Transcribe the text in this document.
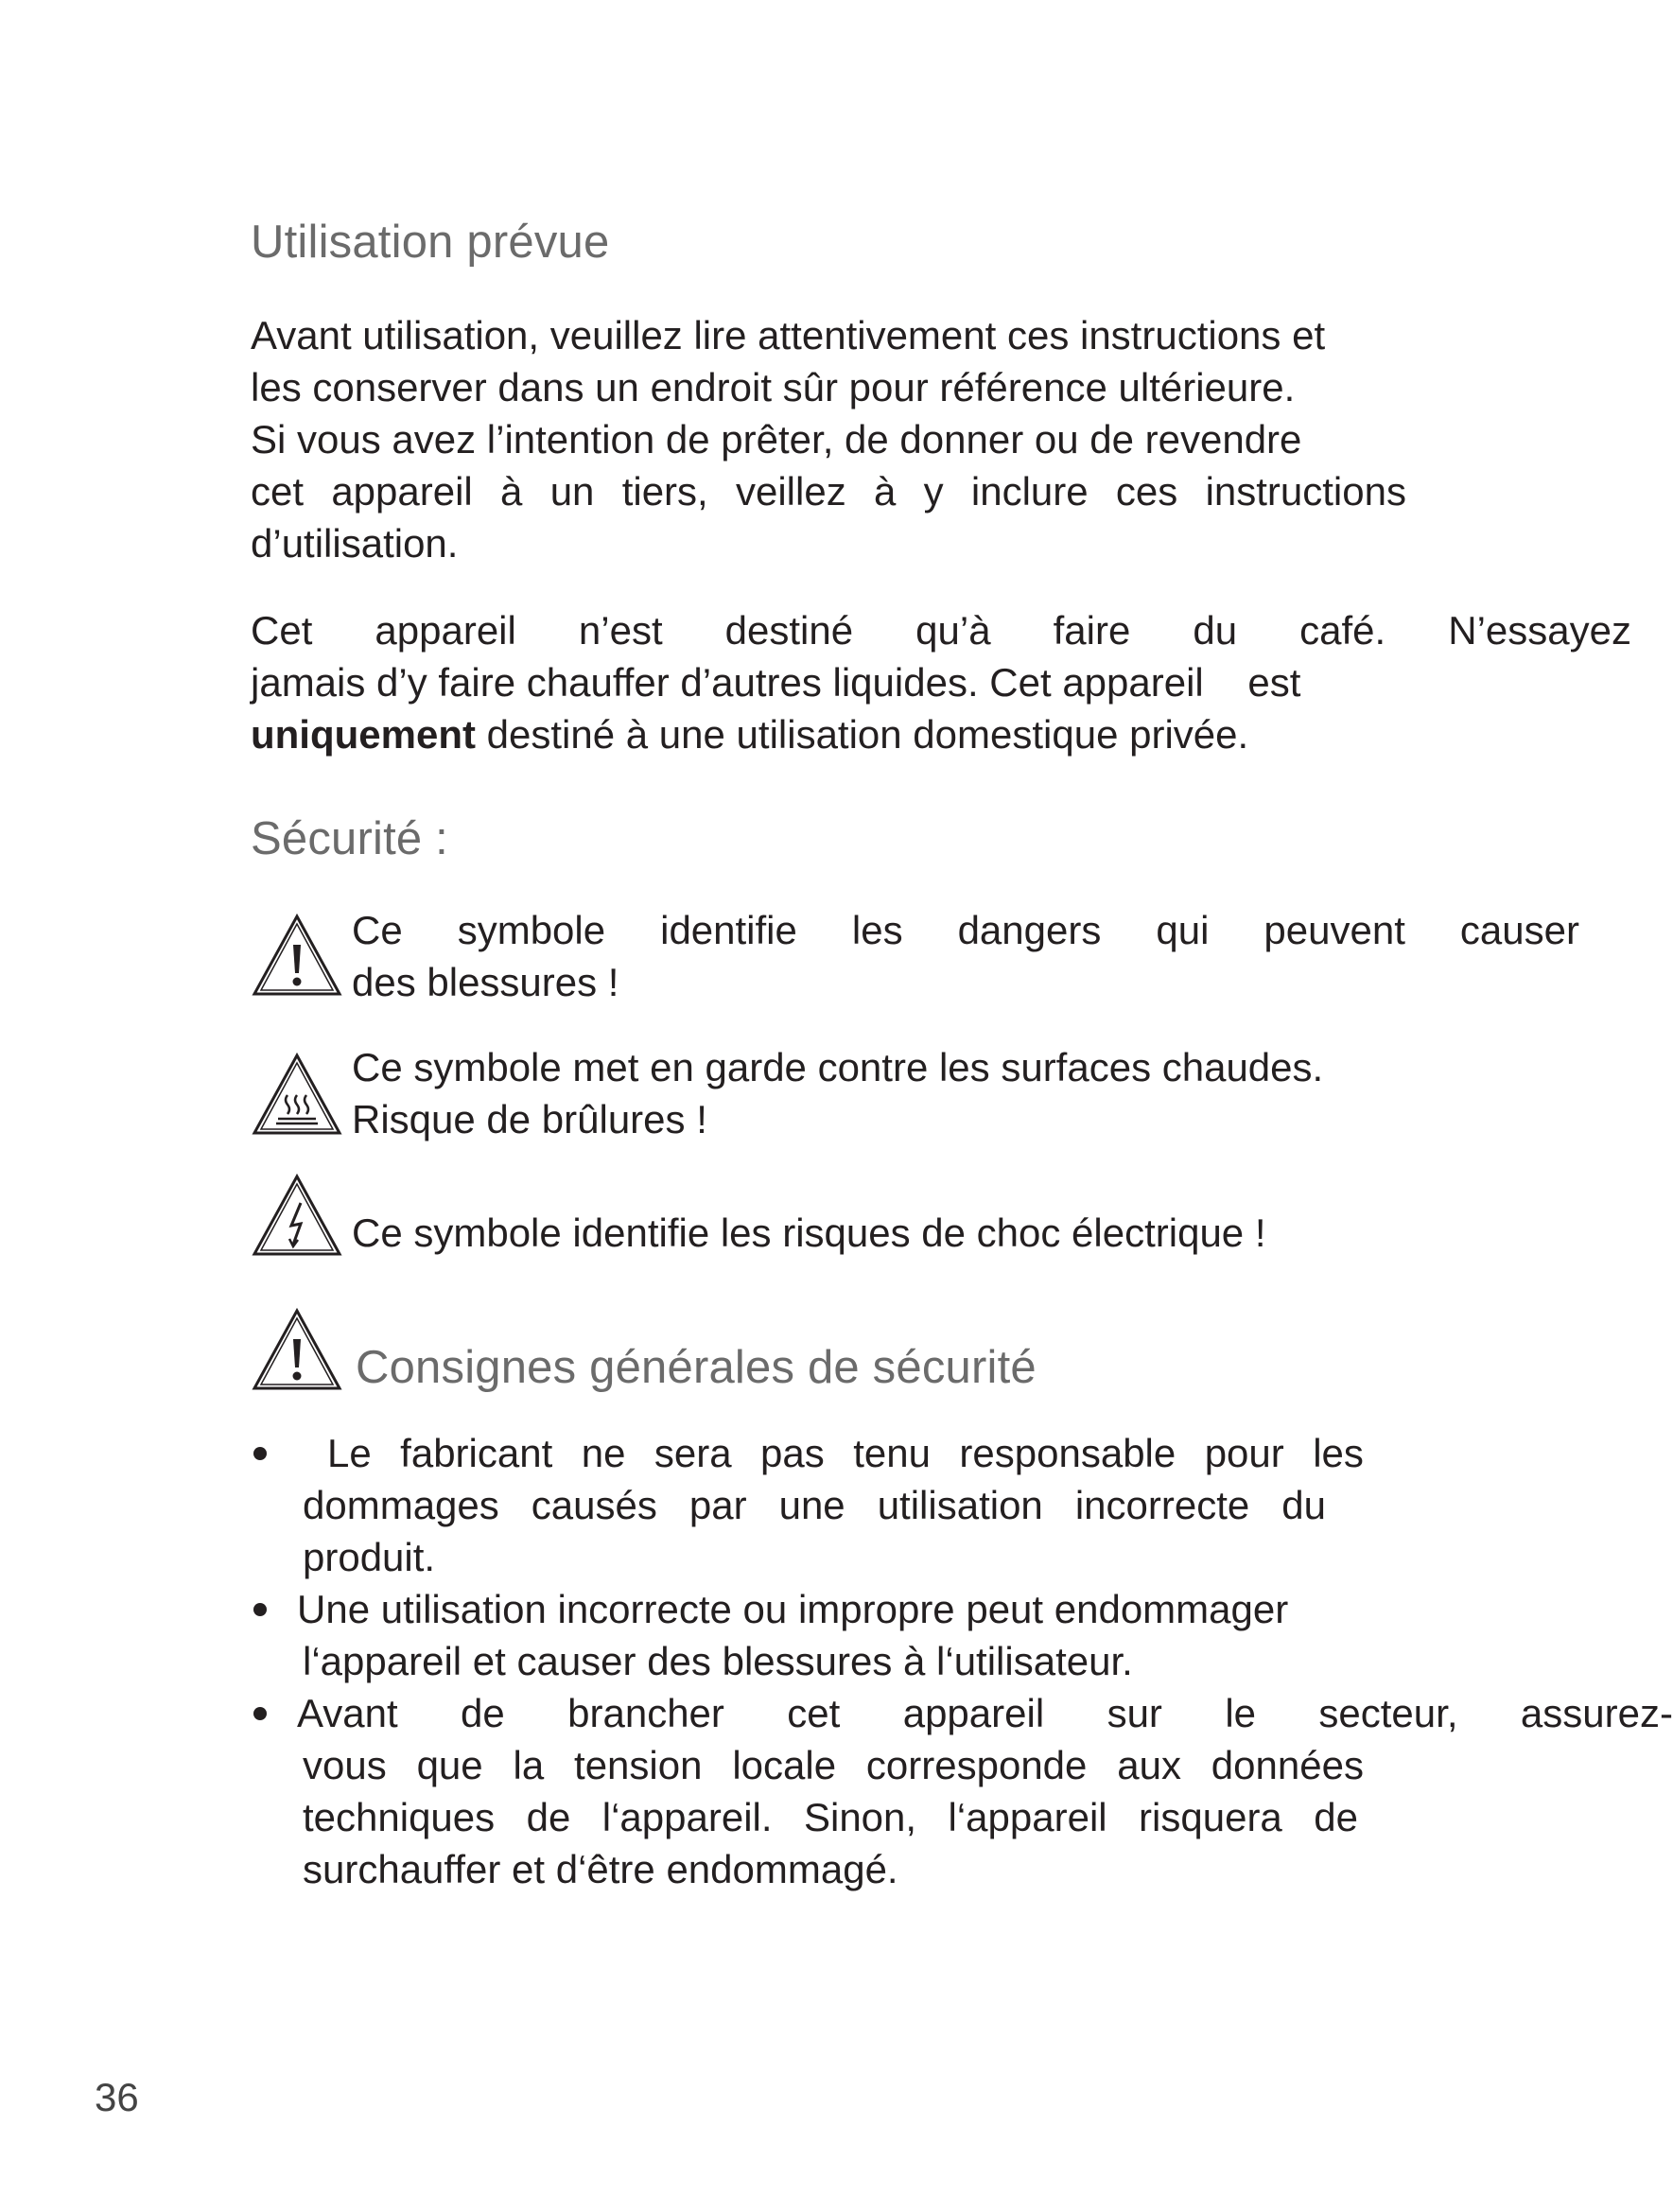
Utilisation prévue
Avant utilisation, veuillez lire attentivement ces instructions et
les conserver dans un endroit sûr pour référence ultérieure.
Si vous avez l’intention de prêter, de donner ou de revendre
cet appareil à un tiers, veillez à y inclure ces instructions
d’utilisation.
Cet appareil n’est destiné qu’à faire du café. N’essayez
jamais d’y faire chauffer d’autres liquides. Cet appareil    est
uniquement destiné à une utilisation domestique privée.
Sécurité :
Ce symbole identifie les dangers qui peuvent causer
des blessures !
Ce symbole met en garde contre les surfaces chaudes.
Risque de brûlures !
Ce symbole identifie les risques de choc électrique !
Consignes générales de sécurité
Le fabricant ne sera pas tenu responsable pour les
dommages causés par une utilisation incorrecte du
produit.
Une utilisation incorrecte ou impropre peut endommager
l‘appareil et causer des blessures à l‘utilisateur.
Avant de brancher cet appareil sur le secteur, assurez-
vous que la tension locale corresponde aux données
techniques de l‘appareil. Sinon, l‘appareil risquera de
surchauffer et d‘être endommagé.
36
